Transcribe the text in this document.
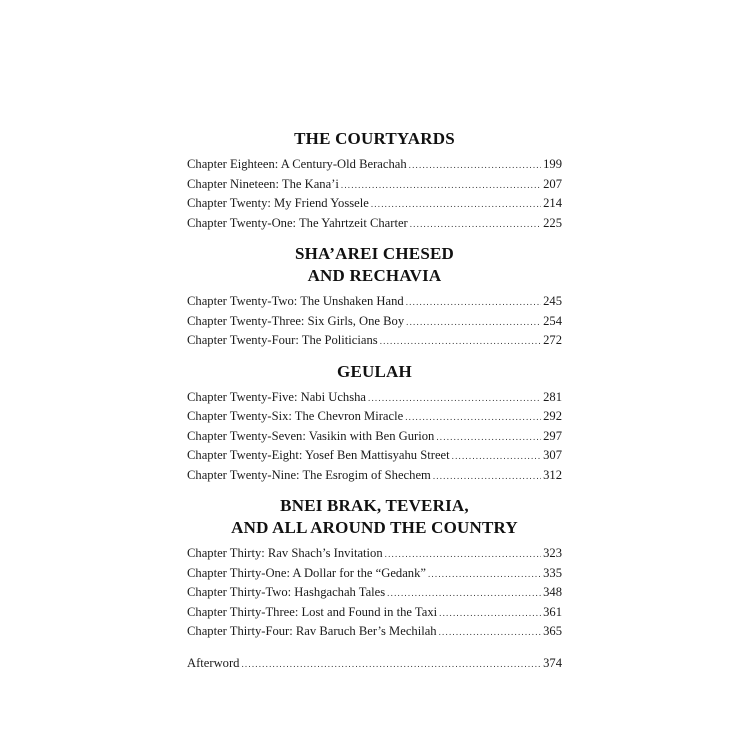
THE COURTYARDS
Chapter Eighteen: A Century-Old Berachah .....	199
Chapter Nineteen: The Kana’i .....	207
Chapter Twenty: My Friend Yossele .....	214
Chapter Twenty-One: The Yahrtzeit Charter .....	225
SHA’AREI CHESED
AND RECHAVIA
Chapter Twenty-Two: The Unshaken Hand .....	245
Chapter Twenty-Three: Six Girls, One Boy .....	254
Chapter Twenty-Four: The Politicians .....	272
GEULAH
Chapter Twenty-Five: Nabi Uchsha .....	281
Chapter Twenty-Six: The Chevron Miracle .....	292
Chapter Twenty-Seven: Vasikin with Ben Gurion .....	297
Chapter Twenty-Eight: Yosef Ben Mattisyahu Street .....	307
Chapter Twenty-Nine: The Esrogim of Shechem .....	312
BNEI BRAK, TEVERIA,
AND ALL AROUND THE COUNTRY
Chapter Thirty: Rav Shach’s Invitation .....	323
Chapter Thirty-One: A Dollar for the “Gedank” .....	335
Chapter Thirty-Two: Hashgachah Tales .....	348
Chapter Thirty-Three: Lost and Found in the Taxi .....	361
Chapter Thirty-Four: Rav Baruch Ber’s Mechilah .....	365
Afterword .....	374
